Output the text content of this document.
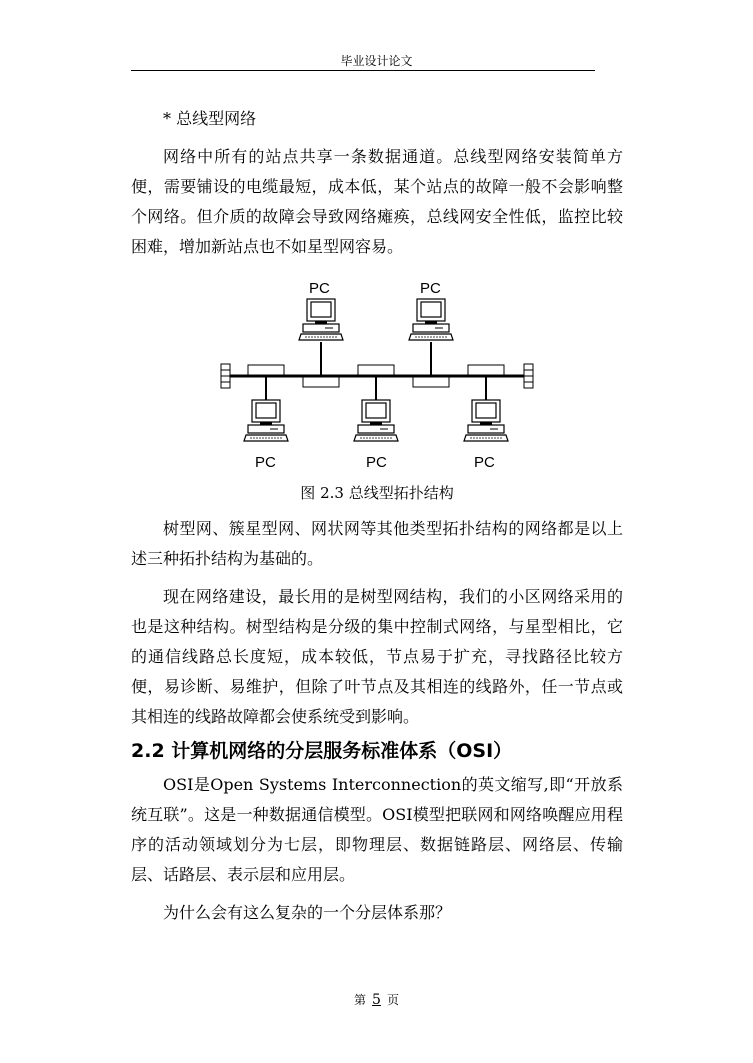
毕业设计论文

* 总线型网络

网络中所有的站点共享一条数据通道。总线型网络安装简单方便，需要铺设的电缆最短，成本低，某个站点的故障一般不会影响整个网络。但介质的故障会导致网络瘫痪，总线网安全性低，监控比较困难，增加新站点也不如星型网容易。

PC	PC
PC	PC	PC
图 2.3 总线型拓扑结构

树型网、簇星型网、网状网等其他类型拓扑结构的网络都是以上述三种拓扑结构为基础的。

现在网络建设，最长用的是树型网结构，我们的小区网络采用的也是这种结构。树型结构是分级的集中控制式网络，与星型相比，它的通信线路总长度短，成本较低，节点易于扩充，寻找路径比较方便，易诊断、易维护，但除了叶节点及其相连的线路外，任一节点或其相连的线路故障都会使系统受到影响。

2.2 计算机网络的分层服务标准体系（OSI）

OSI是Open Systems Interconnection的英文缩写,即“开放系统互联”。这是一种数据通信模型。OSI模型把联网和网络唤醒应用程序的活动领域划分为七层，即物理层、数据链路层、网络层、传输层、话路层、表示层和应用层。

为什么会有这么复杂的一个分层体系那？

第 5 页
